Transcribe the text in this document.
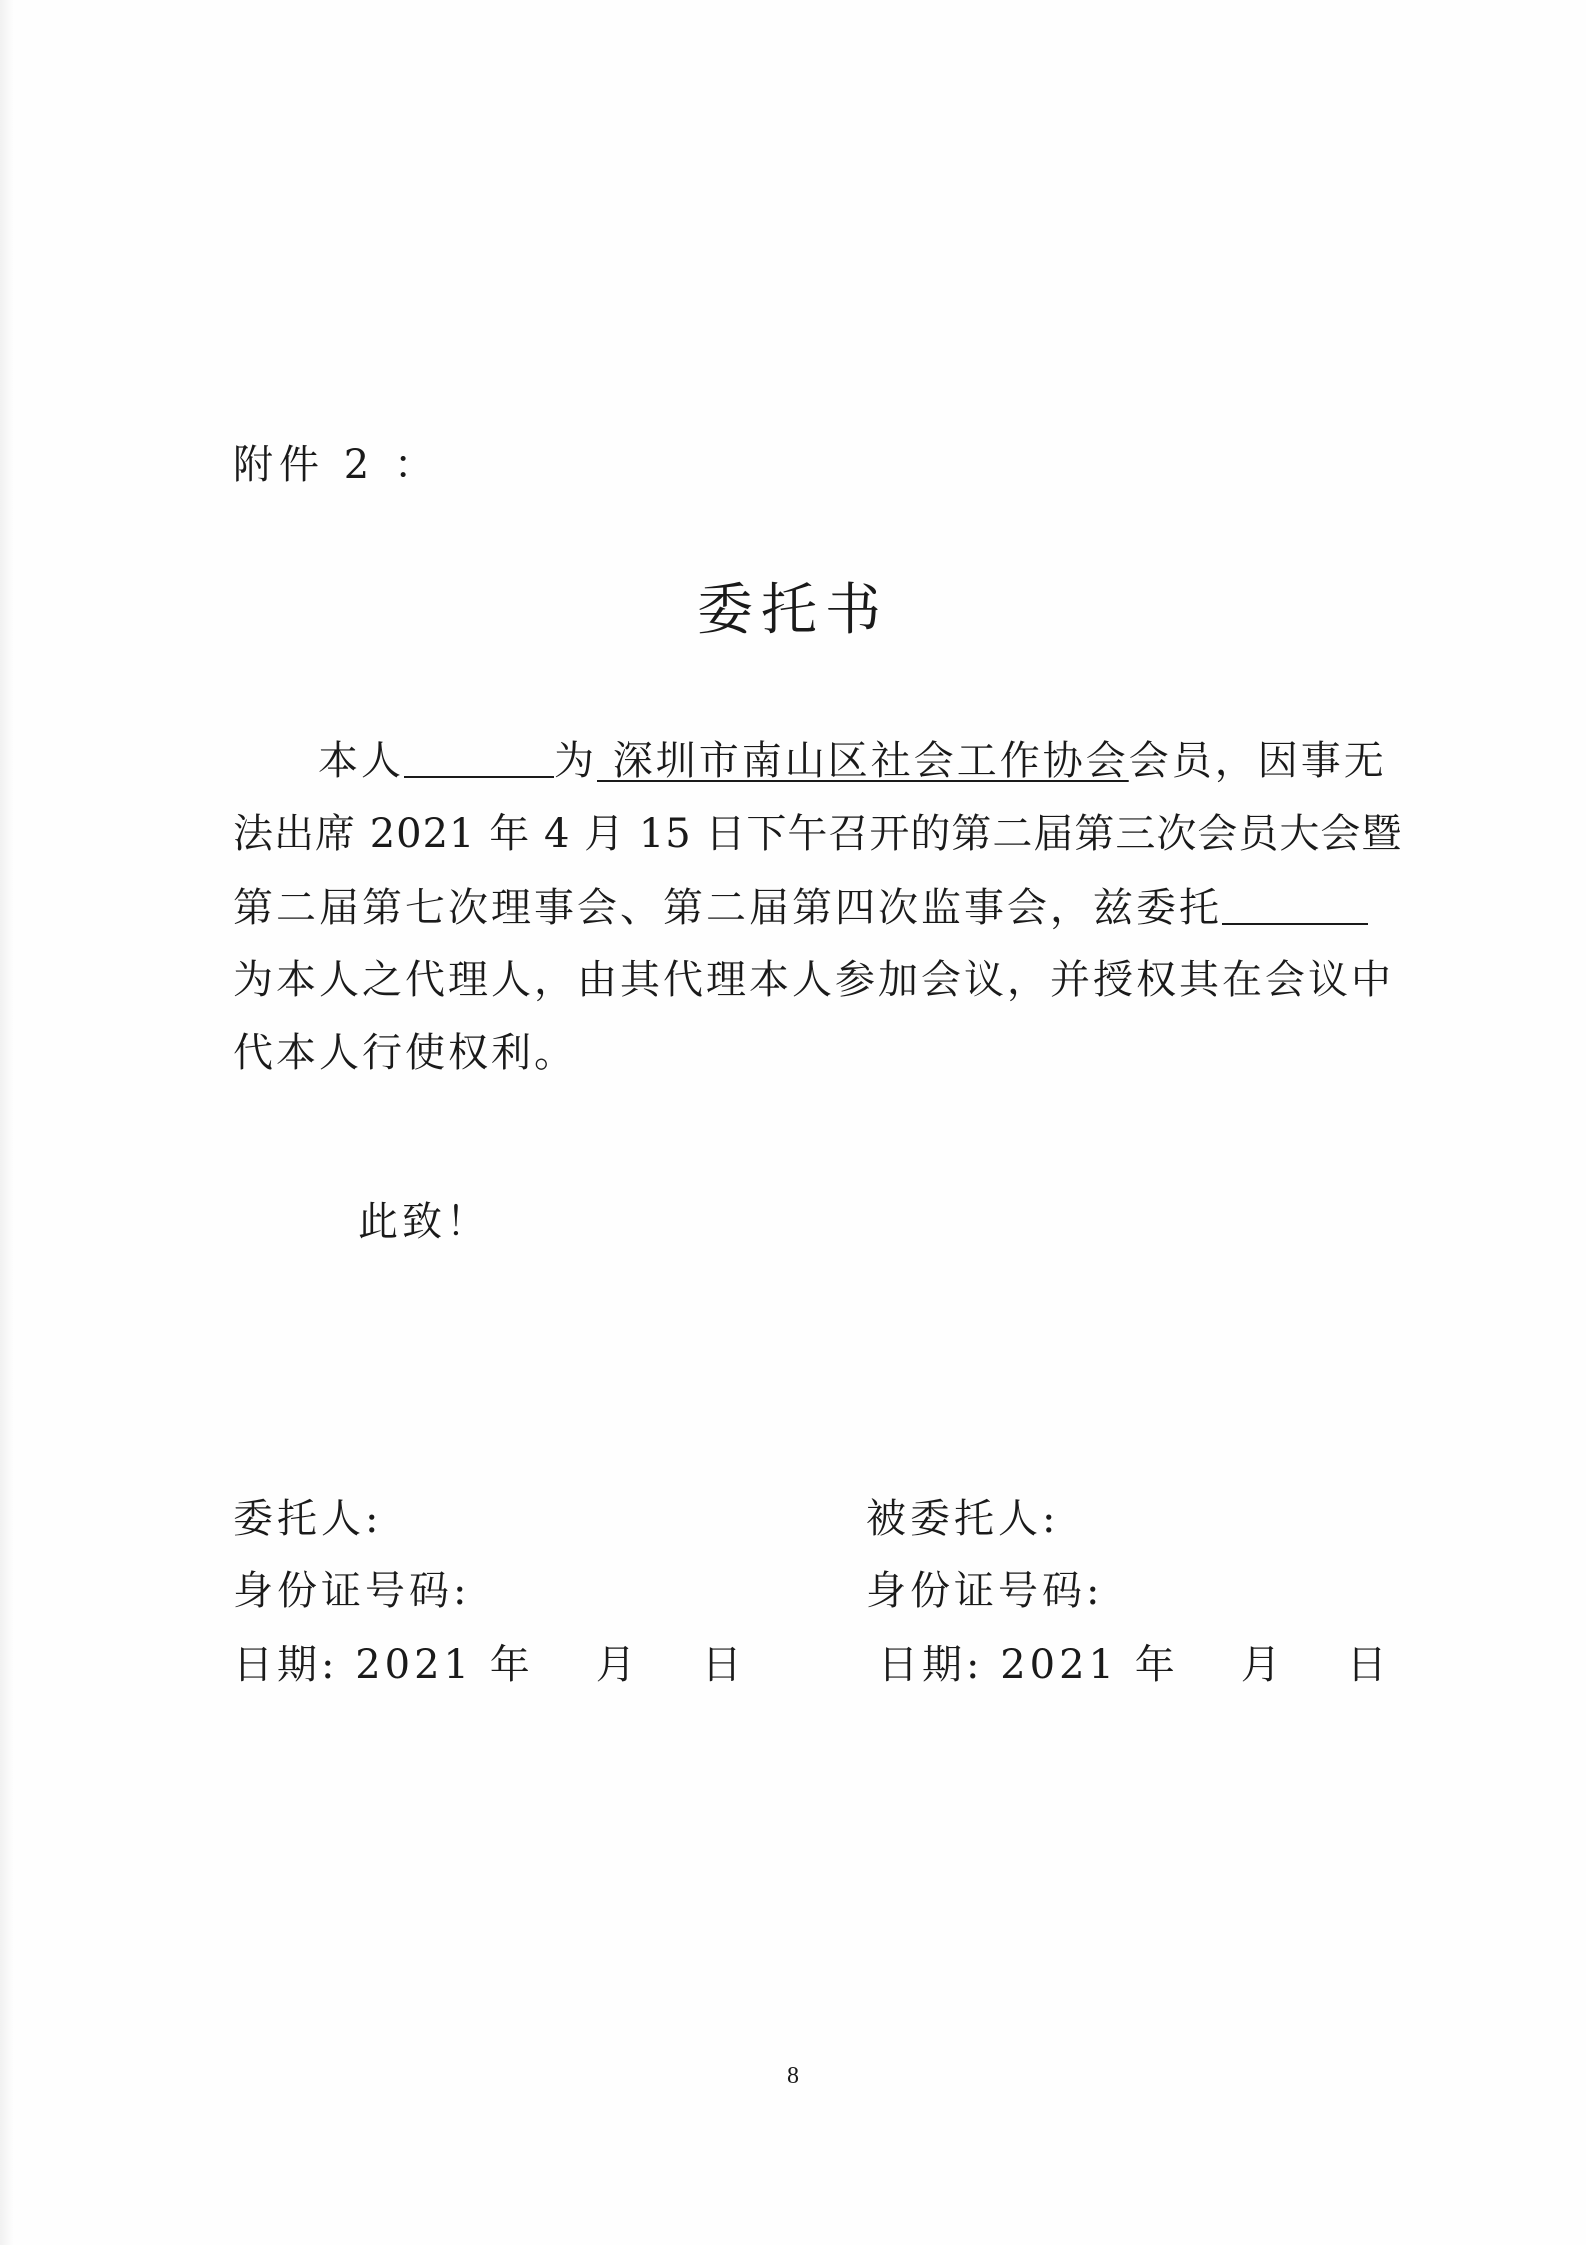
附件 2 ：
委托书
本人	为 深圳市南山区社会工作协会会员，因事无
法出席 2021 年 4 月 15 日下午召开的第二届第三次会员大会暨
第二届第七次理事会、第二届第四次监事会，兹委托
为本人之代理人，由其代理本人参加会议，并授权其在会议中
代本人行使权利。
此致！
委托人:	被委托人:
身份证号码:	身份证号码:
日期: 2021 年 月 日	日期: 2021 年 月 日
8
